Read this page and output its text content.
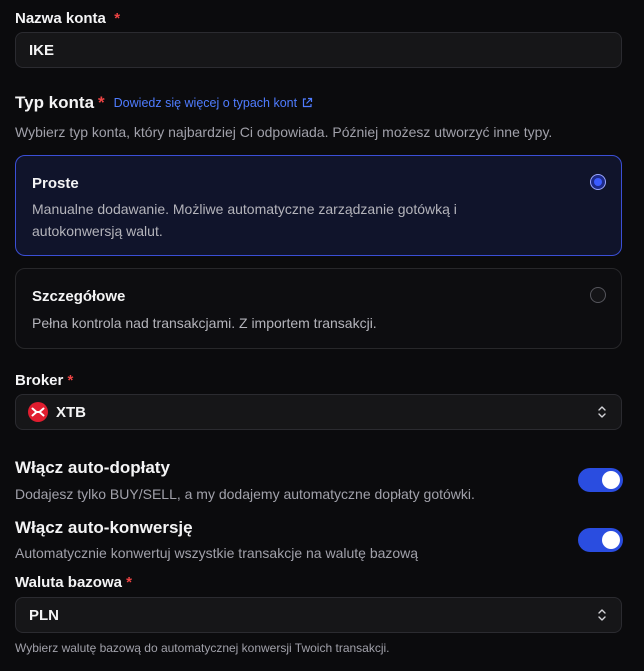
Nazwa konta *
IKE
Typ konta * Dowiedz się więcej o typach kont
Wybierz typ konta, który najbardziej Ci odpowiada. Później możesz utworzyć inne typy.
Proste
Manualne dodawanie. Możliwe automatyczne zarządzanie gotówką i
autokonwersją walut.
Szczegółowe
Pełna kontrola nad transakcjami. Z importem transakcji.
Broker *
XTB
Włącz auto-dopłaty
Dodajesz tylko BUY/SELL, a my dodajemy automatyczne dopłaty gotówki.
Włącz auto-konwersję
Automatycznie konwertuj wszystkie transakcje na walutę bazową
Waluta bazowa *
PLN
Wybierz walutę bazową do automatycznej konwersji Twoich transakcji.
